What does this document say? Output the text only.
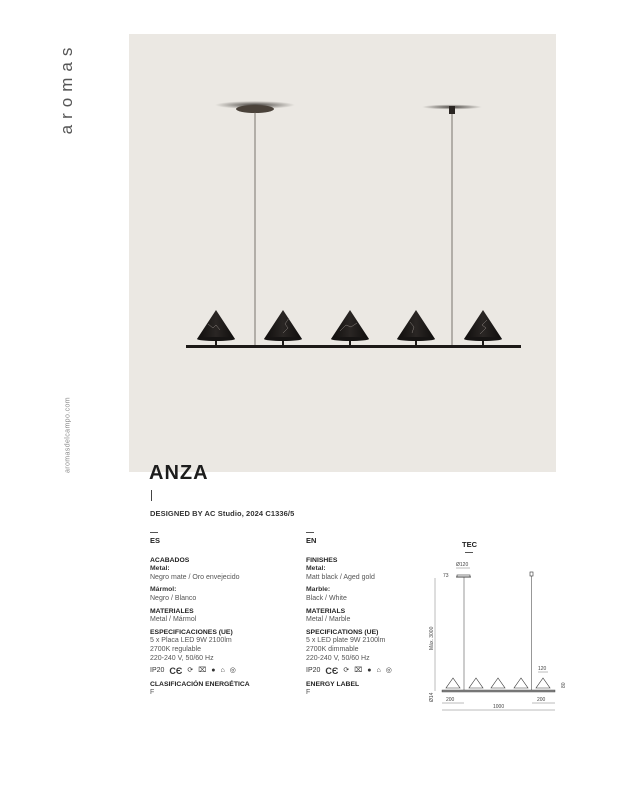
aromas
aromasdelcampo.com	ANZA
DESIGNED BY AC Studio, 2024 C1336/5
ES
ACABADOS
Metal:
Negro mate / Oro envejecido
Mármol:
Negro / Blanco
MATERIALES
Metal / Mármol
ESPECIFICACIONES (UE)
5 x Placa LED 9W 2100lm
2700K regulable
220-240 V, 50/60 Hz
IP20 CЄ ⟳ ⌧ ● ⌂ ◎
CLASIFICACIÓN ENERGÉTICA
F
EN
FINISHES
Metal:
Matt black / Aged gold
Marble:
Black / White
MATERIALS
Metal / Marble
SPECIFICATIONS (UE)
5 x LED plate 9W 2100lm
2700K dimmable
220-240 V, 50/60 Hz
IP20 CЄ ⟳ ⌧ ● ⌂ ◎
ENERGY LABEL
F
TEC
Ø120
73
Máx. 3000
Ø14
120
80
200	200
1000
